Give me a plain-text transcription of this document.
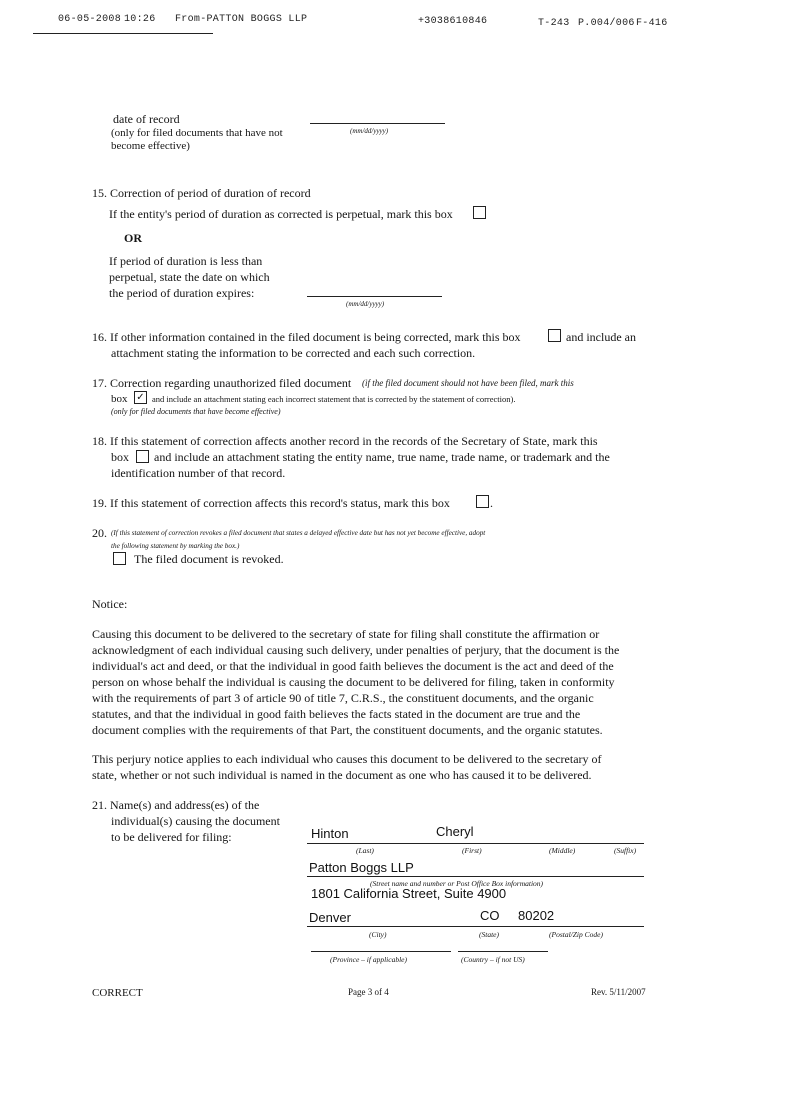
06-05-2008 10:26 From-PATTON BOGGS LLP	+3038610846	T-243 P.004/006 F-416
date of record
(only for filed documents that have not
become effective)
(mm/dd/yyyy)
15. Correction of period of duration of record
If the entity's period of duration as corrected is perpetual, mark this box
OR
If period of duration is less than
perpetual, state the date on which
the period of duration expires:
(mm/dd/yyyy)
16. If other information contained in the filed document is being corrected, mark this box	and include an
attachment stating the information to be corrected and each such correction.
17. Correction regarding unauthorized filed document (if the filed document should not have been filed, mark this
box ✓ and include an attachment stating each incorrect statement that is corrected by the statement of correction).
(only for filed documents that have become effective)
18. If this statement of correction affects another record in the records of the Secretary of State, mark this
box and include an attachment stating the entity name, true name, trade name, or trademark and the
identification number of that record.
19. If this statement of correction affects this record's status, mark this box	.
20. (If this statement of correction revokes a filed document that states a delayed effective date but has not yet become effective, adopt
the following statement by marking the box.)
The filed document is revoked.
Notice:
Causing this document to be delivered to the secretary of state for filing shall constitute the affirmation or
acknowledgment of each individual causing such delivery, under penalties of perjury, that the document is the
individual's act and deed, or that the individual in good faith believes the document is the act and deed of the
person on whose behalf the individual is causing the document to be delivered for filing, taken in conformity
with the requirements of part 3 of article 90 of title 7, C.R.S., the constituent documents, and the organic
statutes, and that the individual in good faith believes the facts stated in the document are true and the
document complies with the requirements of that Part, the constituent documents, and the organic statutes.
This perjury notice applies to each individual who causes this document to be delivered to the secretary of
state, whether or not such individual is named in the document as one who has caused it to be delivered.
21. Name(s) and address(es) of the
individual(s) causing the document
to be delivered for filing:	Hinton	Cheryl
(Last)	(First)	(Middle)	(Suffix)
Patton Boggs LLP
(Street name and number or Post Office Box information)
1801 California Street, Suite 4900
Denver	CO 80202
(City)	(State)	(Postal/Zip Code)
(Province – if applicable)	(Country – if not US)
CORRECT	Page 3 of 4	Rev. 5/11/2007
